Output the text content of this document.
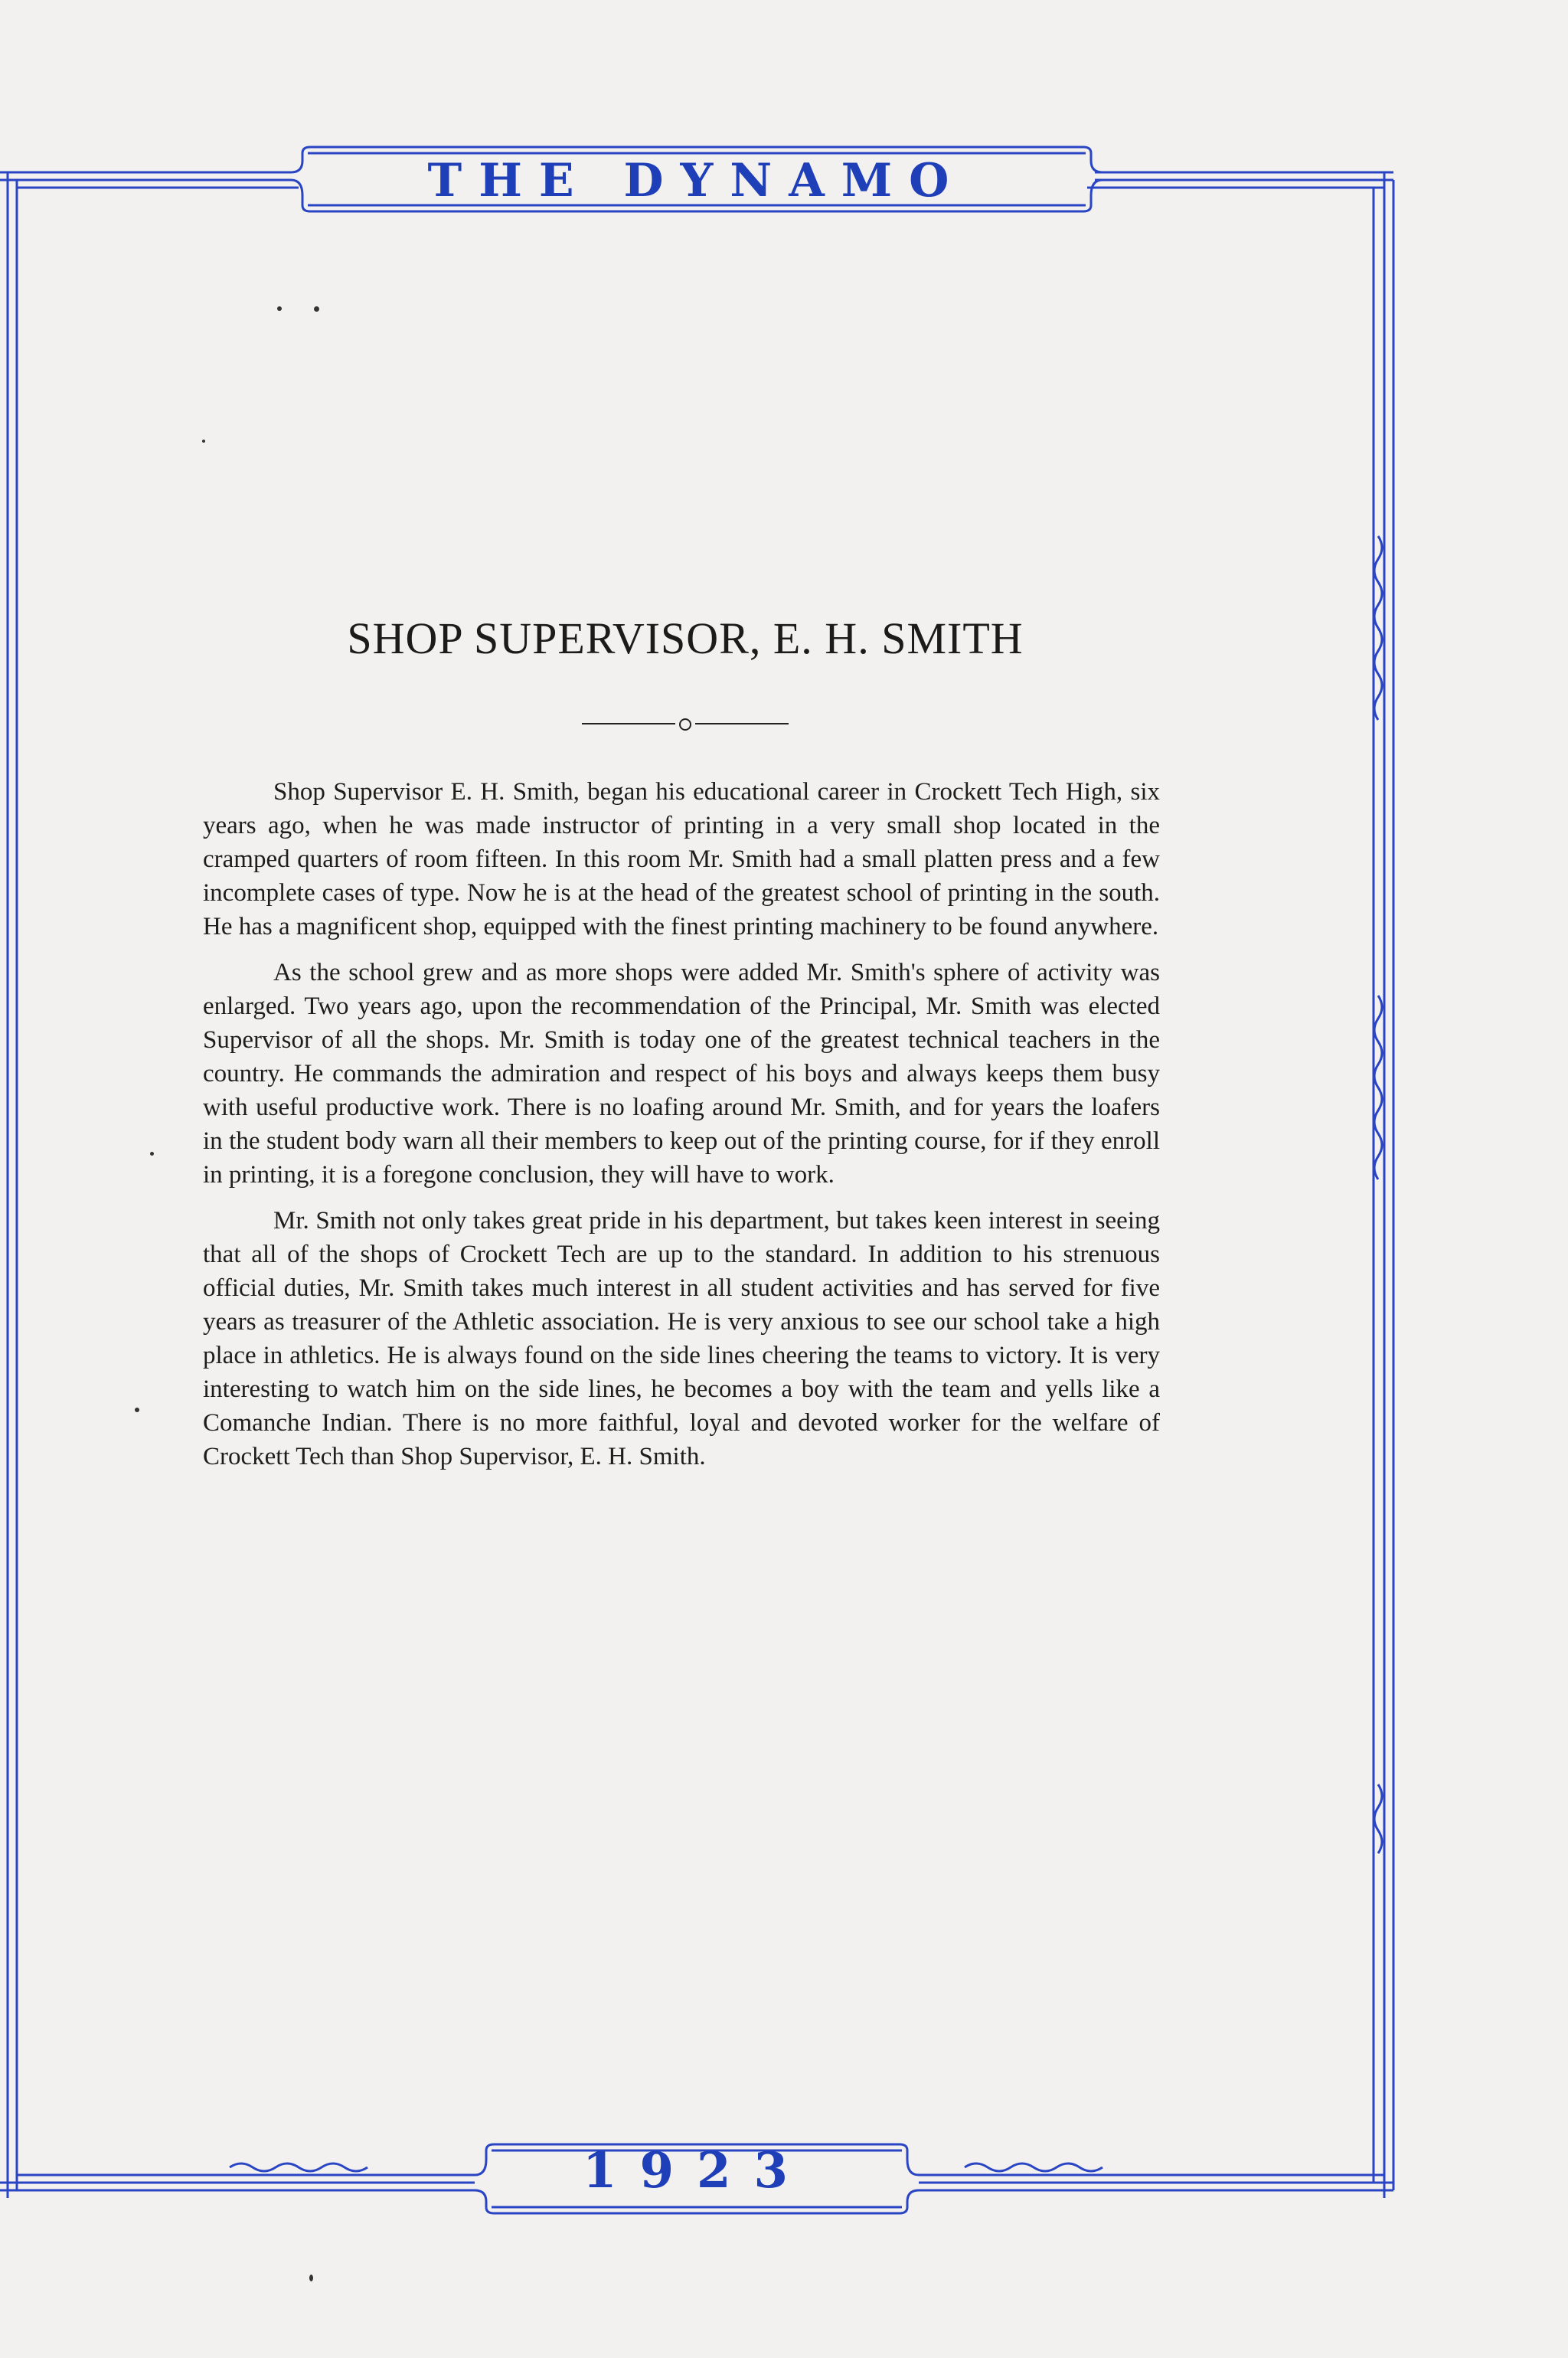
THE DYNAMO
SHOP SUPERVISOR, E. H. SMITH

Shop Supervisor E. H. Smith, began his educational career in Crockett Tech High, six years ago, when he was made instructor of printing in a very small shop located in the cramped quarters of room fifteen. In this room Mr. Smith had a small platten press and a few incomplete cases of type. Now he is at the head of the greatest school of printing in the south. He has a magnificent shop, equipped with the finest printing machinery to be found anywhere.

As the school grew and as more shops were added Mr. Smith's sphere of activity was enlarged. Two years ago, upon the recommendation of the Principal, Mr. Smith was elected Supervisor of all the shops. Mr. Smith is today one of the greatest technical teachers in the country. He commands the admiration and respect of his boys and always keeps them busy with useful productive work. There is no loafing around Mr. Smith, and for years the loafers in the student body warn all their members to keep out of the printing course, for if they enroll in printing, it is a foregone conclusion, they will have to work.

Mr. Smith not only takes great pride in his department, but takes keen interest in seeing that all of the shops of Crockett Tech are up to the standard. In addition to his strenuous official duties, Mr. Smith takes much interest in all student activities and has served for five years as treasurer of the Athletic association. He is very anxious to see our school take a high place in athletics. He is always found on the side lines cheering the teams to victory. It is very interesting to watch him on the side lines, he becomes a boy with the team and yells like a Comanche Indian. There is no more faithful, loyal and devoted worker for the welfare of Crockett Tech than Shop Supervisor, E. H. Smith.

1923
